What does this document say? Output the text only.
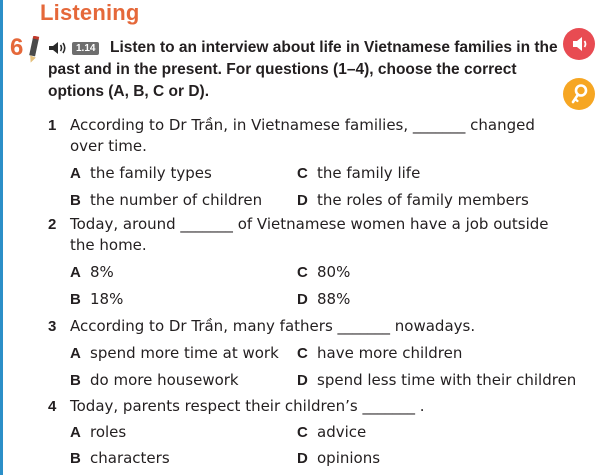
Listening
6	Listen to an interview about life in Vietnamese families in the past and in the present. For questions (1–4), choose the correct options (A, B, C or D).
1.14
1 According to Dr Trần, in Vietnamese families, _______ changed over time.
A the family types	C the family life
B the number of children D the roles of family members
2 Today, around _______ of Vietnamese women have a job outside the home.
A 8%	C 80%
B 18%	D 88%
3 According to Dr Trần, many fathers _______ nowadays.
A spend more time at work C have more children
B do more housework	D spend less time with their children
4 Today, parents respect their children’s _______ .
A roles	C advice
B characters	D opinions
